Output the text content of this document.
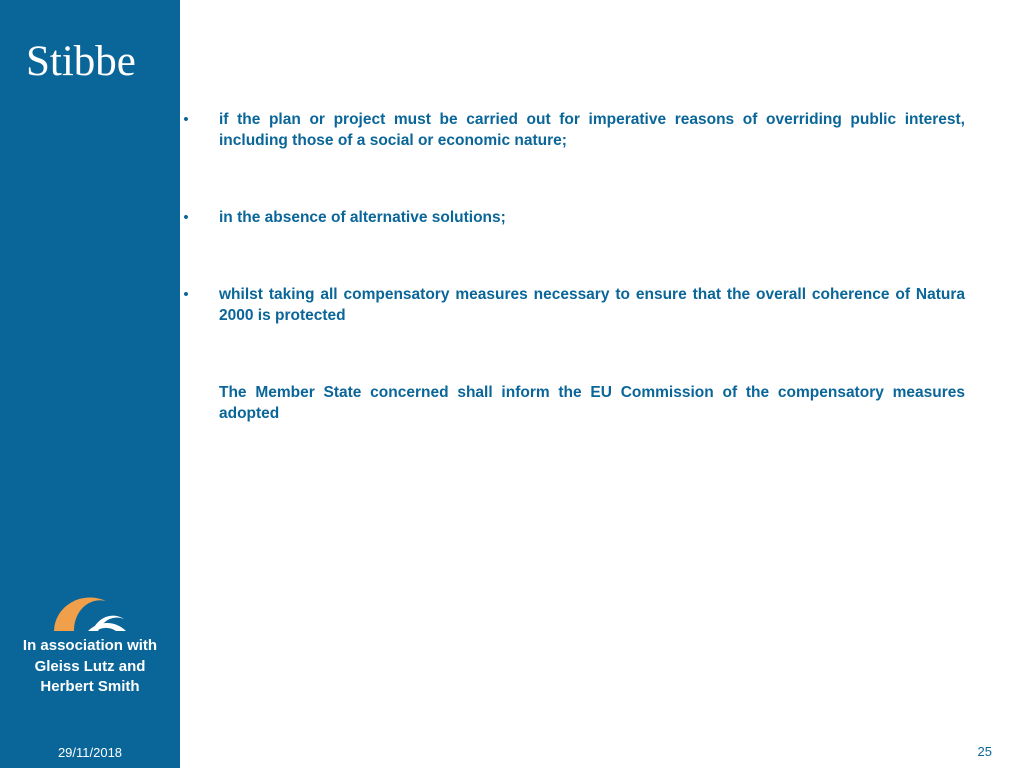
Stibbe
In association with
Gleiss Lutz and
Herbert Smith
29/11/2018
• if the plan or project must be carried out for imperative reasons of overriding public interest, including those of a social or economic nature;
• in the absence of alternative solutions;
• whilst taking all compensatory measures necessary to ensure that the overall coherence of Natura 2000 is protected
The Member State concerned shall inform the EU Commission of the compensatory measures adopted
25
